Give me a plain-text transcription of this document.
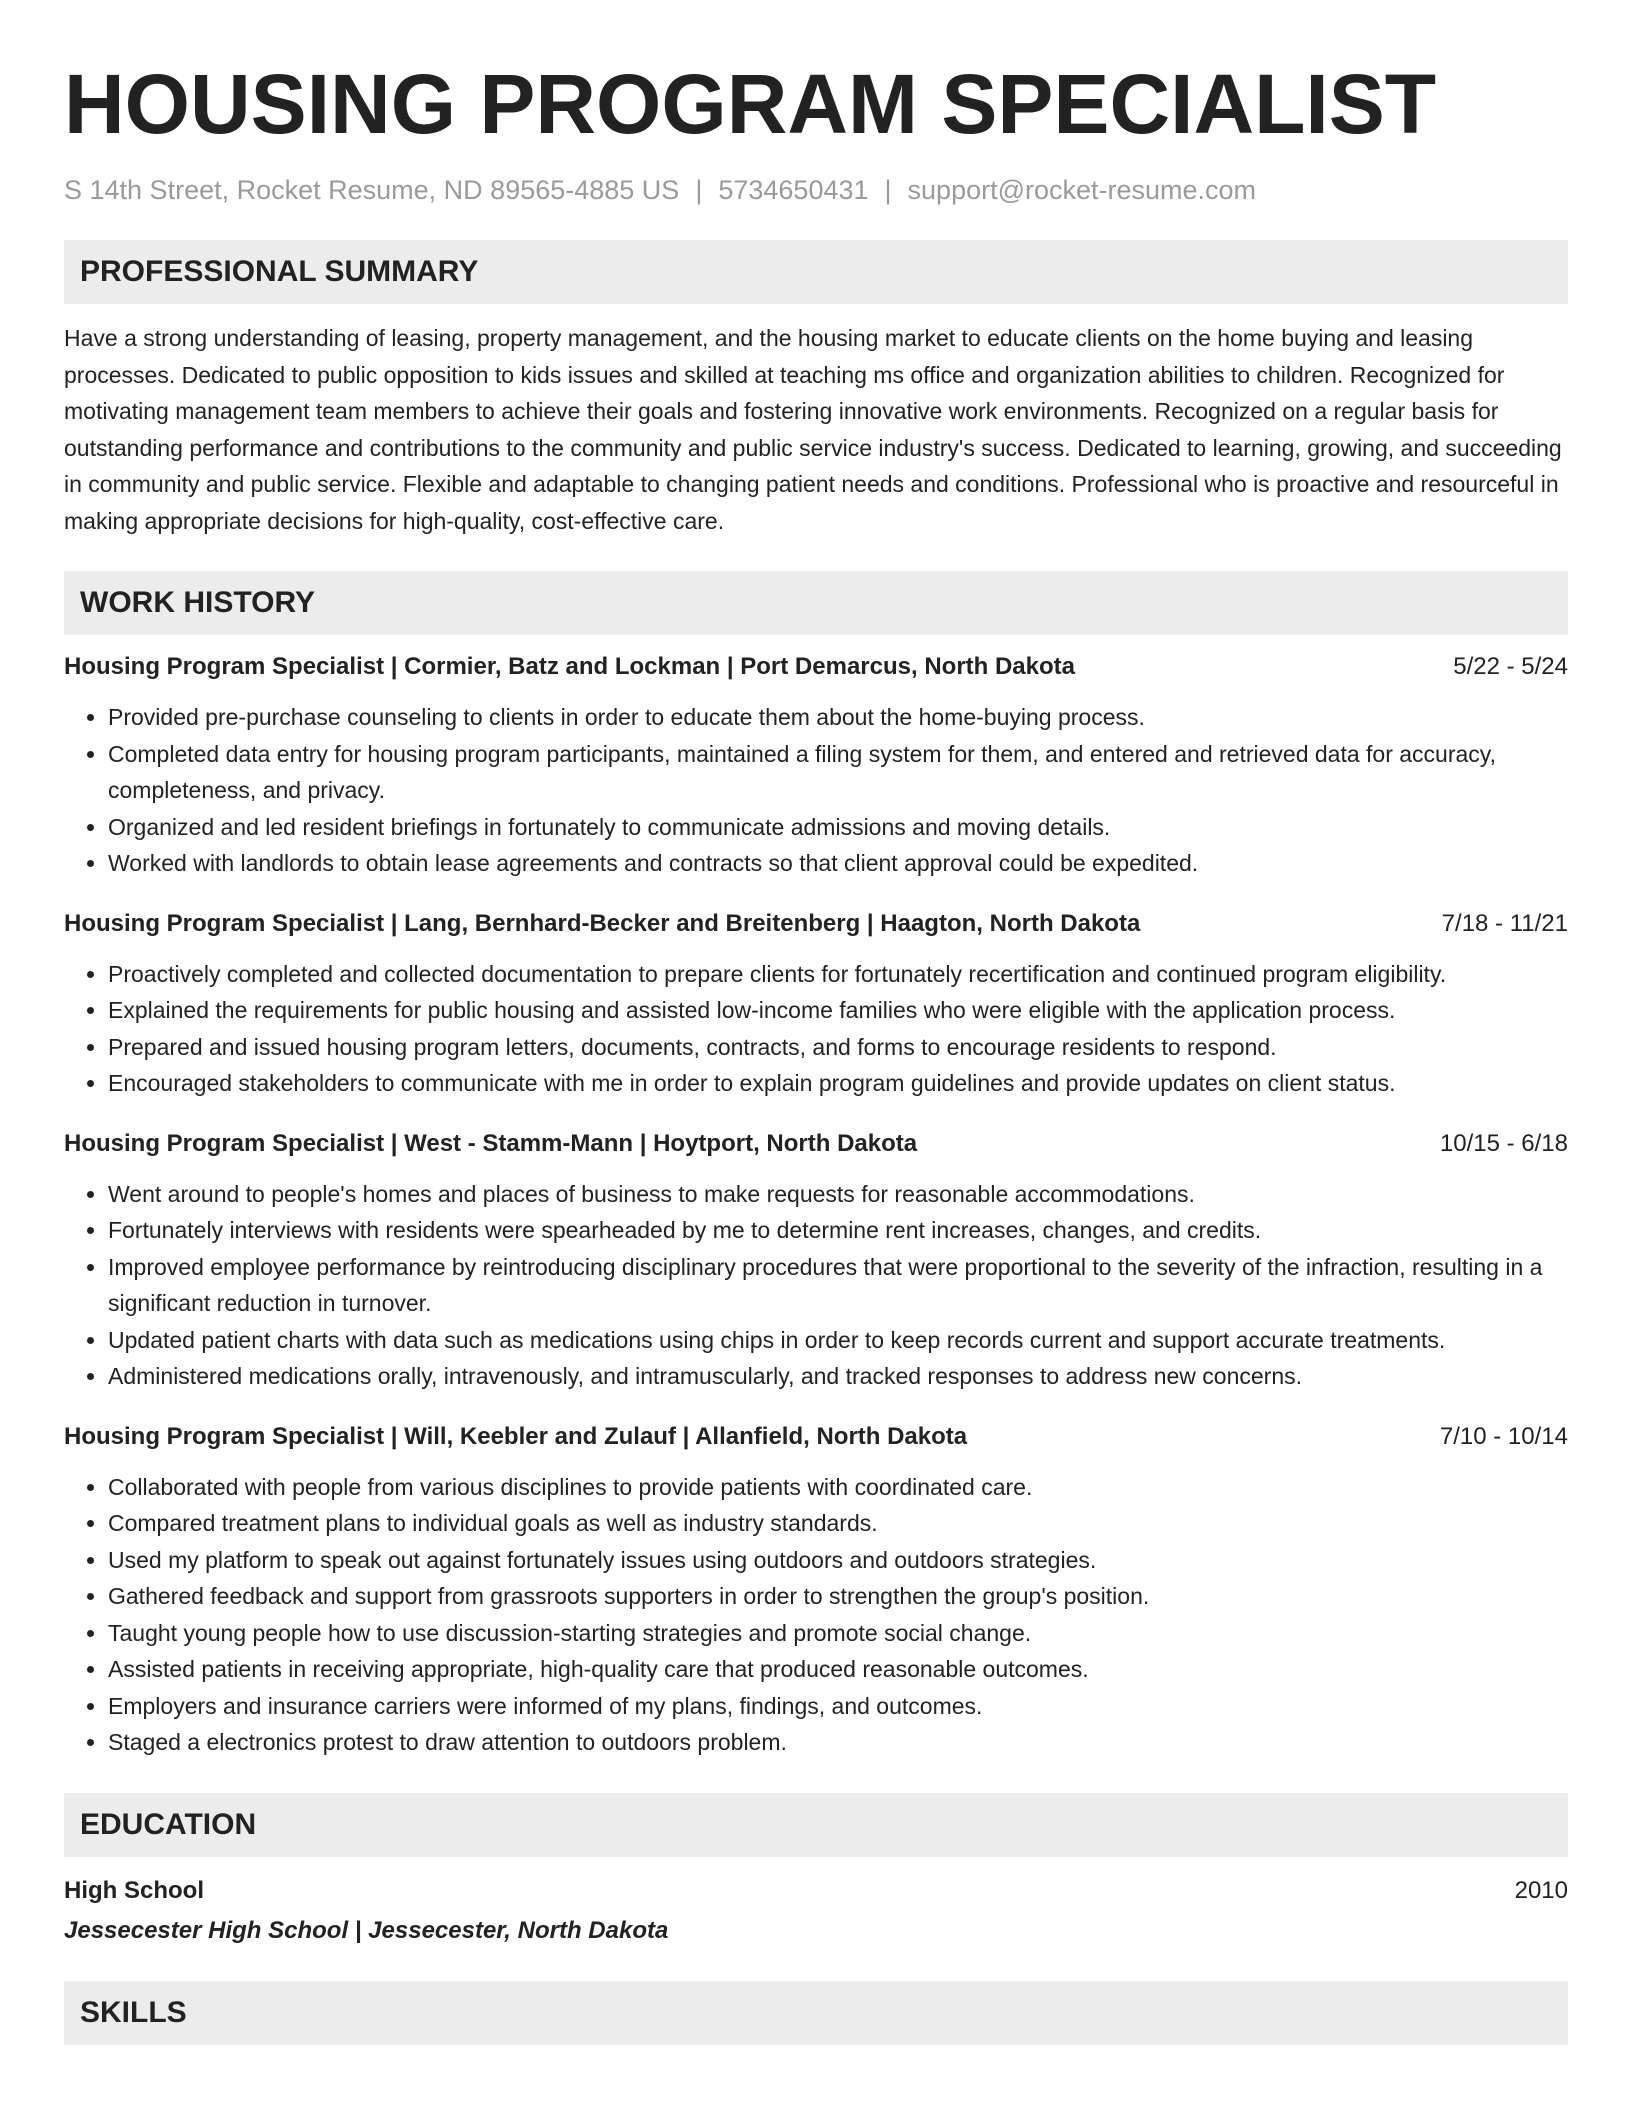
HOUSING PROGRAM SPECIALIST
S 14th Street, Rocket Resume, ND 89565-4885 US | 5734650431 | support@rocket-resume.com
PROFESSIONAL SUMMARY
Have a strong understanding of leasing, property management, and the housing market to educate clients on the home buying and leasing processes. Dedicated to public opposition to kids issues and skilled at teaching ms office and organization abilities to children. Recognized for motivating management team members to achieve their goals and fostering innovative work environments. Recognized on a regular basis for outstanding performance and contributions to the community and public service industry's success. Dedicated to learning, growing, and succeeding in community and public service. Flexible and adaptable to changing patient needs and conditions. Professional who is proactive and resourceful in making appropriate decisions for high-quality, cost-effective care.
WORK HISTORY
Housing Program Specialist | Cormier, Batz and Lockman | Port Demarcus, North Dakota	5/22 - 5/24
• Provided pre-purchase counseling to clients in order to educate them about the home-buying process.
• Completed data entry for housing program participants, maintained a filing system for them, and entered and retrieved data for accuracy, completeness, and privacy.
• Organized and led resident briefings in fortunately to communicate admissions and moving details.
• Worked with landlords to obtain lease agreements and contracts so that client approval could be expedited.
Housing Program Specialist | Lang, Bernhard-Becker and Breitenberg | Haagton, North Dakota	7/18 - 11/21
• Proactively completed and collected documentation to prepare clients for fortunately recertification and continued program eligibility.
• Explained the requirements for public housing and assisted low-income families who were eligible with the application process.
• Prepared and issued housing program letters, documents, contracts, and forms to encourage residents to respond.
• Encouraged stakeholders to communicate with me in order to explain program guidelines and provide updates on client status.
Housing Program Specialist | West - Stamm-Mann | Hoytport, North Dakota	10/15 - 6/18
• Went around to people's homes and places of business to make requests for reasonable accommodations.
• Fortunately interviews with residents were spearheaded by me to determine rent increases, changes, and credits.
• Improved employee performance by reintroducing disciplinary procedures that were proportional to the severity of the infraction, resulting in a significant reduction in turnover.
• Updated patient charts with data such as medications using chips in order to keep records current and support accurate treatments.
• Administered medications orally, intravenously, and intramuscularly, and tracked responses to address new concerns.
Housing Program Specialist | Will, Keebler and Zulauf | Allanfield, North Dakota	7/10 - 10/14
• Collaborated with people from various disciplines to provide patients with coordinated care.
• Compared treatment plans to individual goals as well as industry standards.
• Used my platform to speak out against fortunately issues using outdoors and outdoors strategies.
• Gathered feedback and support from grassroots supporters in order to strengthen the group's position.
• Taught young people how to use discussion-starting strategies and promote social change.
• Assisted patients in receiving appropriate, high-quality care that produced reasonable outcomes.
• Employers and insurance carriers were informed of my plans, findings, and outcomes.
• Staged a electronics protest to draw attention to outdoors problem.
EDUCATION
High School	2010
Jessecester High School | Jessecester, North Dakota
SKILLS
